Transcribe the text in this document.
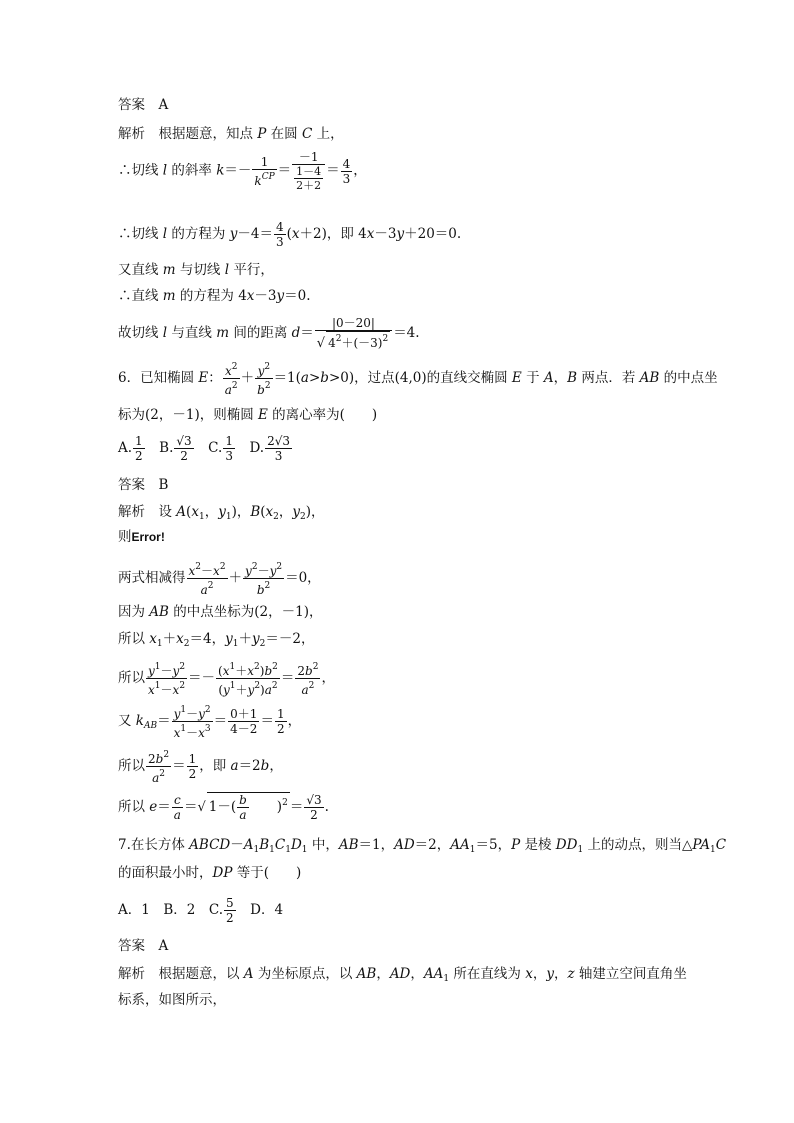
答案　A
解析　根据题意，知点 P 在圆 C 上，
∴切线 l 的斜率 $k=- \frac{1}{k^{CP}} = -1$
1－4
$2+2 = \frac{4}{3}$ ，
∴切线 l 的方程为 $y-4= \frac{4}{3} (x+2)$，即 4x－3y＋20＝0.
又直线 m 与切线 l 平行，
∴直线 m 的方程为 4x－3y＝0.
故切线 l 与直线 m 间的距离 $d= \frac{|0-20|}{√ 4^2+(-3)^2} =4$.
6．已知椭圆 E： $\frac{x^2}{a^2} + \frac{y^2}{b^2} =1(a>b>0)$，过点(4,0)的直线交椭圆 E 于 A，B 两点．若 AB 的中点坐
标为(2，－1)，则椭圆 E 的离心率为(　　)
A. $\frac{1}{2}$ 　B. $\frac{√3}{2}$ 　C. $\frac{1}{3}$ 　D. $\frac{2√3}{3}$
答案　B
解析　设 $A(x_1$，$y_1$)，$B(x_2$，$y_2$)，
则Error!
两式相减得 $\frac{x^2-x^2}{a^2} + \frac{y^2-y^2}{b^2} =0$，
因为 AB 的中点坐标为(2，－1)，
所以 $x_1+x_2=4$，$y_1+y_2=-2$，
所以 $\frac{y^1-y^2}{x^1-x^2} =- \frac{(x^1+x^2)b^2}{(y^1+y^2)a^2} = \frac{2b^2}{a^2}$ ，
又 $k_{AB}= \frac{y^1-y^2}{x^1-x^3} = \frac{0+1}{4-2} = \frac{1}{2}$ ，
所以 $\frac{2b^2}{a^2} = \frac{1}{2}$ ，即 a＝2b，
所以 $e= \frac{c}{a}$ ＝√ $1-( \frac{b}{a}$ 　　)$^2 = \frac{√3}{2}$ .
7.在长方体 $ABCD-A_1B_1C_1D_1$ 中，AB＝1，AD＝2，$AA_1=5$，P 是棱 $DD_1$ 上的动点，则当$\triangle PA_1C$
的面积最小时，DP 等于(　　)
A．1　B．2　C. $\frac{5}{2}$ 　D．4
答案　A
解析　根据题意，以 A 为坐标原点，以 AB，AD，$AA_1$ 所在直线为 x，y，z 轴建立空间直角坐
标系，如图所示，
